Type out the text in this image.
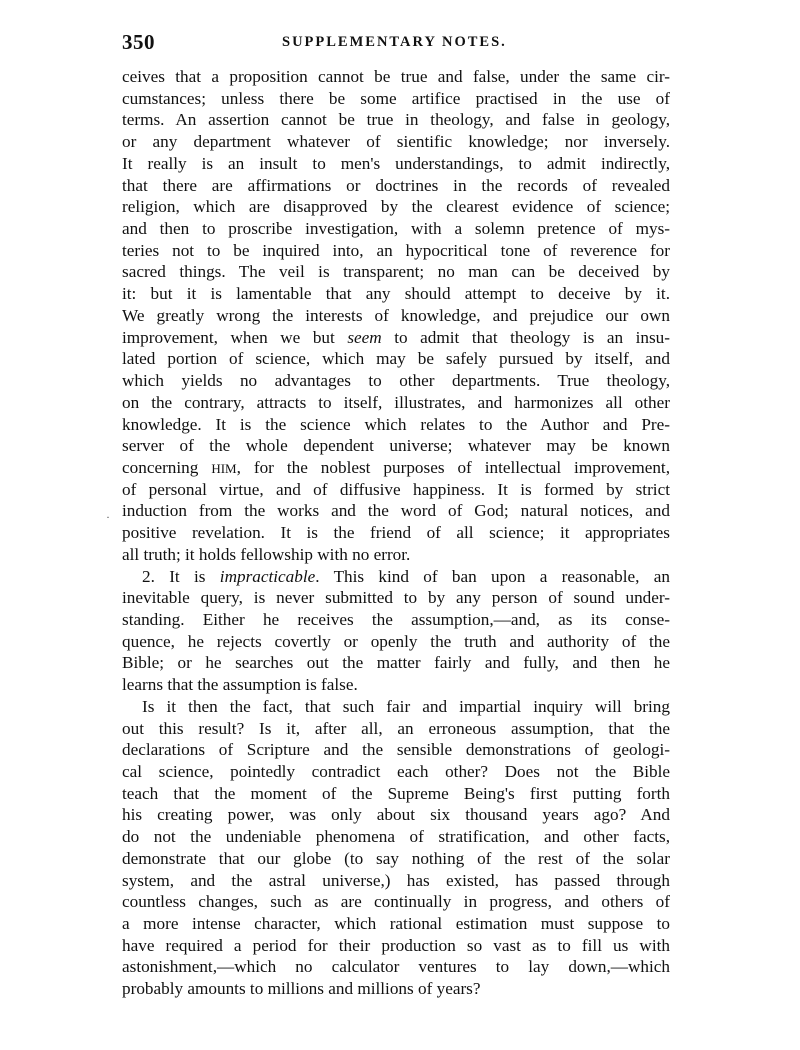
350	SUPPLEMENTARY NOTES.
·
ceives that a proposition cannot be true and false, under the same cir-
cumstances; unless there be some artifice practised in the use of
terms. An assertion cannot be true in theology, and false in geology,
or any department whatever of sientific knowledge; nor inversely.
It really is an insult to men's understandings, to admit indirectly,
that there are affirmations or doctrines in the records of revealed
religion, which are disapproved by the clearest evidence of science;
and then to proscribe investigation, with a solemn pretence of mys-
teries not to be inquired into, an hypocritical tone of reverence for
sacred things. The veil is transparent; no man can be deceived by
it: but it is lamentable that any should attempt to deceive by it.
We greatly wrong the interests of knowledge, and prejudice our own
improvement, when we but seem to admit that theology is an insu-
lated portion of science, which may be safely pursued by itself, and
which yields no advantages to other departments. True theology,
on the contrary, attracts to itself, illustrates, and harmonizes all other
knowledge. It is the science which relates to the Author and Pre-
server of the whole dependent universe; whatever may be known
concerning HIM, for the noblest purposes of intellectual improvement,
of personal virtue, and of diffusive happiness. It is formed by strict
induction from the works and the word of God; natural notices, and
positive revelation. It is the friend of all science; it appropriates
all truth; it holds fellowship with no error.
2. It is impracticable. This kind of ban upon a reasonable, an
inevitable query, is never submitted to by any person of sound under-
standing. Either he receives the assumption,—and, as its conse-
quence, he rejects covertly or openly the truth and authority of the
Bible; or he searches out the matter fairly and fully, and then he
learns that the assumption is false.
Is it then the fact, that such fair and impartial inquiry will bring
out this result? Is it, after all, an erroneous assumption, that the
declarations of Scripture and the sensible demonstrations of geologi-
cal science, pointedly contradict each other? Does not the Bible
teach that the moment of the Supreme Being's first putting forth
his creating power, was only about six thousand years ago? And
do not the undeniable phenomena of stratification, and other facts,
demonstrate that our globe (to say nothing of the rest of the solar
system, and the astral universe,) has existed, has passed through
countless changes, such as are continually in progress, and others of
a more intense character, which rational estimation must suppose to
have required a period for their production so vast as to fill us with
astonishment,—which no calculator ventures to lay down,—which
probably amounts to millions and millions of years?
